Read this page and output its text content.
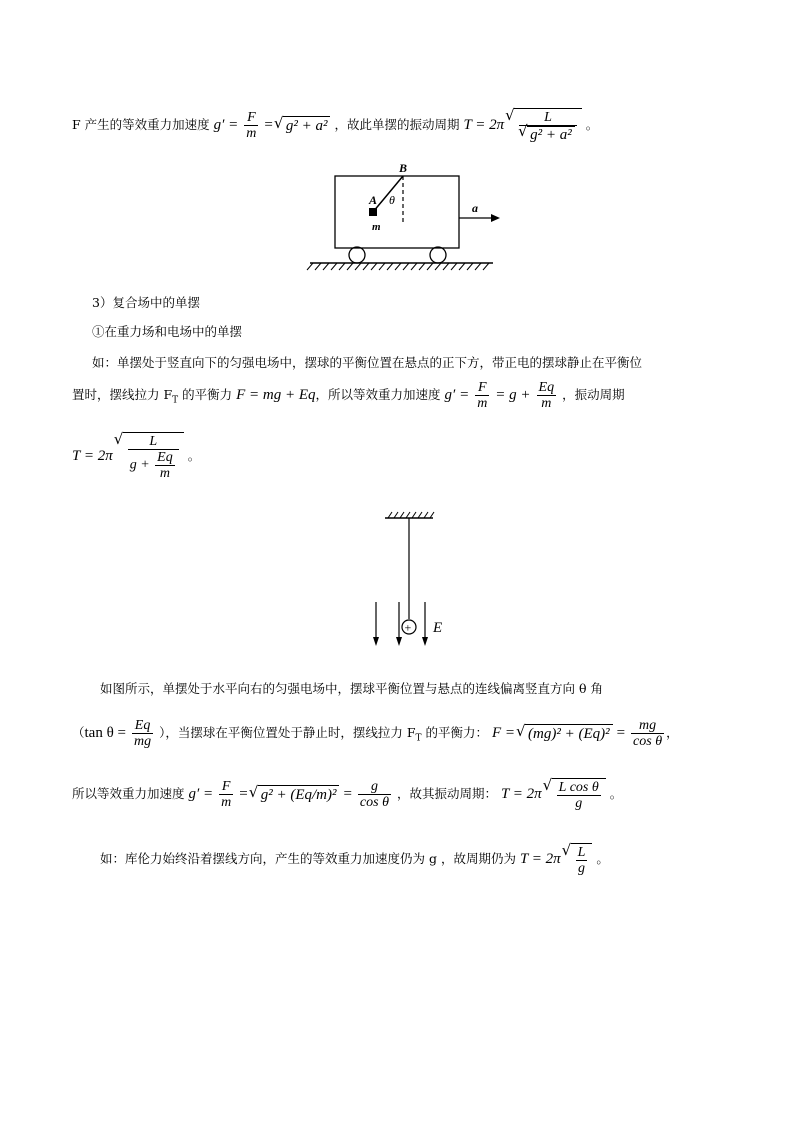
F 产生的等效重力加速度 $g' = \frac{F}{m}$ = √ g² + a² ，故此单摆的振动周期 T = 2π √ L
√ g² + a² 。
B
A θ
m
a
3）复合场中的单摆
①在重力场和电场中的单摆
如：单摆处于竖直向下的匀强电场中，摆球的平衡位置在悬点的正下方，带正电的摆球静止在平衡位
置时，摆线拉力 $F_T$ 的平衡力 F = mg + Eq，所以等效重力加速度 $g' = \frac{F}{m} = g + \frac{Eq}{m}$ ，振动周期
T = 2π √ $\frac{L}{g + \frac{Eq}{m}}$ 。
+ E
如图所示，单摆处于水平向右的匀强电场中，摆球平衡位置与悬点的连线偏离竖直方向 θ 角
（tan $\theta = \frac{Eq}{mg}$ ），当摆球在平衡位置处于静止时，摆线拉力 $F_T$ 的平衡力： F = √ $(mg)^2 + (Eq)^2 = \frac{mg}{\text{cos θ}}$ ，
所以等效重力加速度 $g' = \frac{F}{m}$ = √ $g^2 + (Eq/m)^2 = \frac{g}{\text{cos θ}}$ ，故其振动周期： T = 2π √ $\frac{\text{L cos θ}}{g}$ 。
如：库伦力始终沿着摆线方向，产生的等效重力加速度仍为 g ，故周期仍为 T = 2π √ $\frac{L}{g}$ 。
